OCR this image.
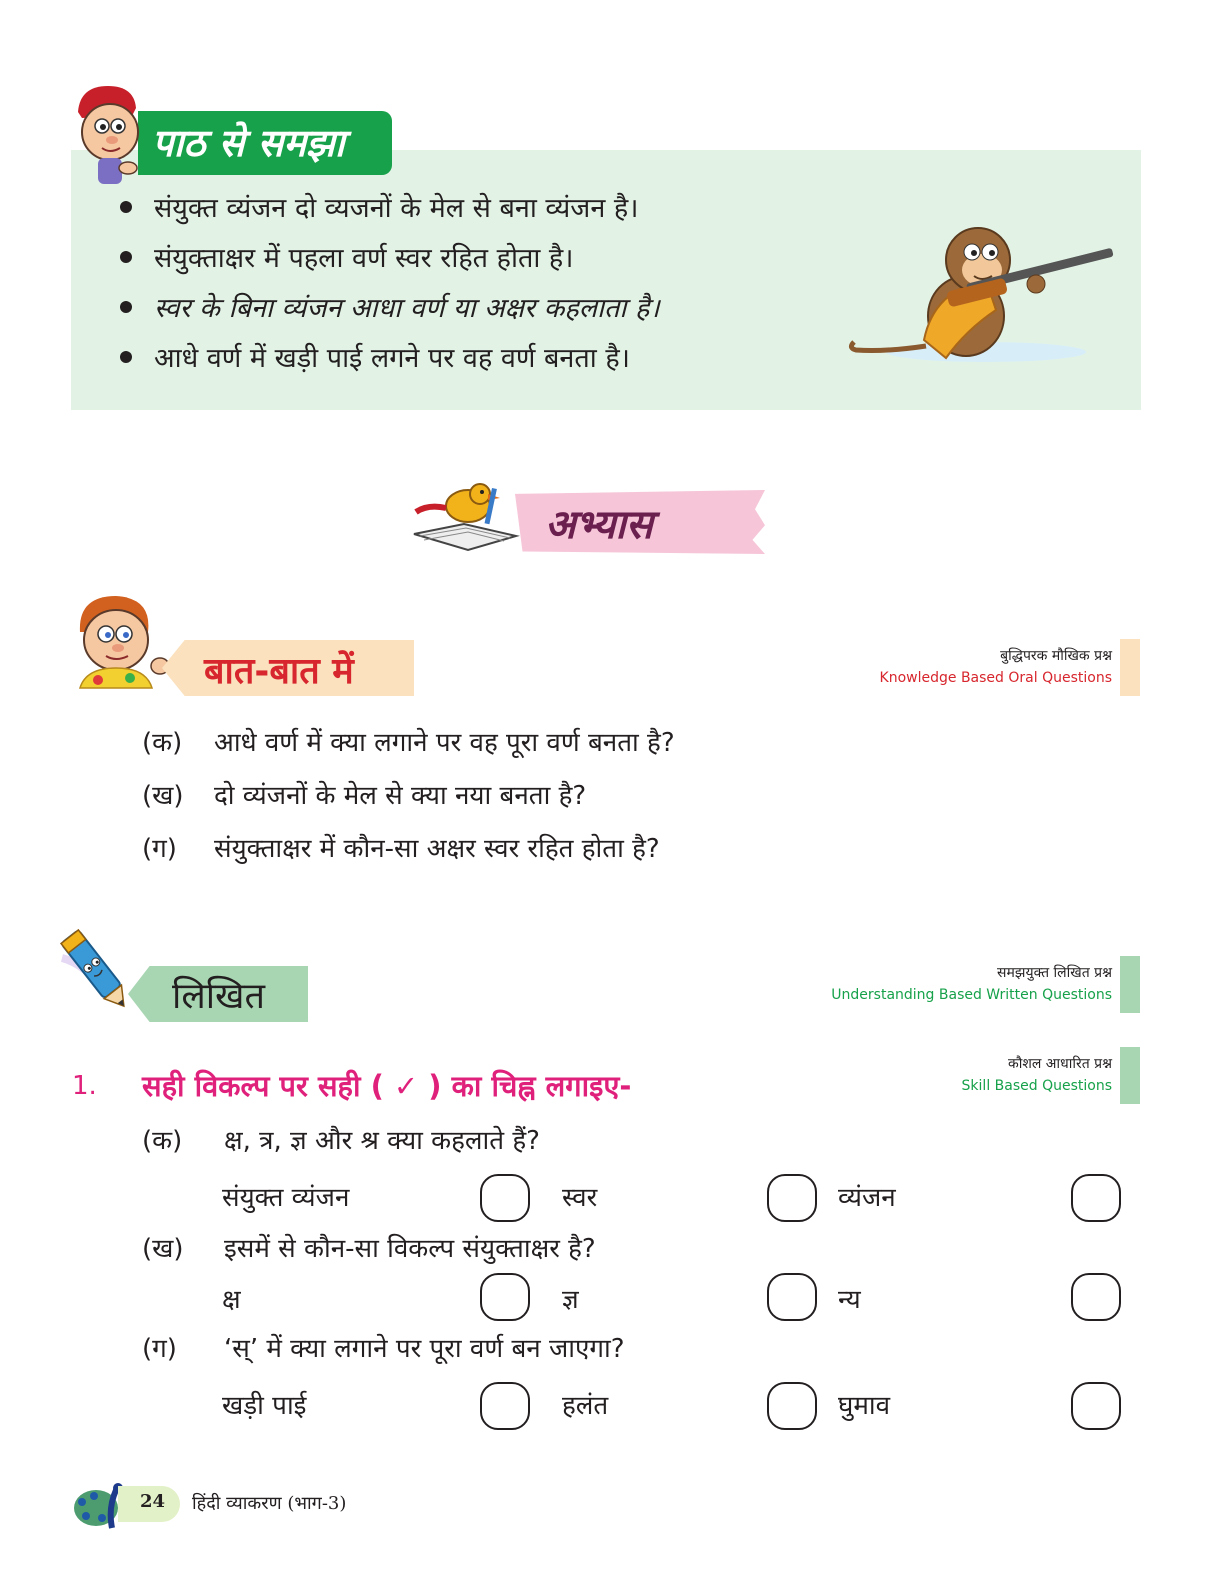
पाठ से समझा
संयुक्त व्यंजन दो व्यजनों के मेल से बना व्यंजन है।
संयुक्ताक्षर में पहला वर्ण स्वर रहित होता है।
स्वर के बिना व्यंजन आधा वर्ण या अक्षर कहलाता है।
आधे वर्ण में खड़ी पाई लगने पर वह वर्ण बनता है।
अभ्यास
बात-बात में	बुद्धिपरक मौखिक प्रश्न
Knowledge Based Oral Questions
(क) आधे वर्ण में क्या लगाने पर वह पूरा वर्ण बनता है?
(ख) दो व्यंजनों के मेल से क्या नया बनता है?
(ग) संयुक्ताक्षर में कौन-सा अक्षर स्वर रहित होता है?
लिखित
समझयुक्त लिखित प्रश्न
Understanding Based Written Questions
कौशल आधारित प्रश्न
Skill Based Questions
1. सही विकल्प पर सही ( ✓ ) का चिह्न लगाइए-
(क) क्ष, त्र, ज्ञ और श्र क्या कहलाते हैं?
संयुक्त व्यंजन	स्वर	व्यंजन
(ख) इसमें से कौन-सा विकल्प संयुक्ताक्षर है?
क्ष	ज्ञ	न्य
(ग) ‘स्’ में क्या लगाने पर पूरा वर्ण बन जाएगा?
खड़ी पाई	हलंत	घुमाव
24 हिंदी व्याकरण (भाग-3)
